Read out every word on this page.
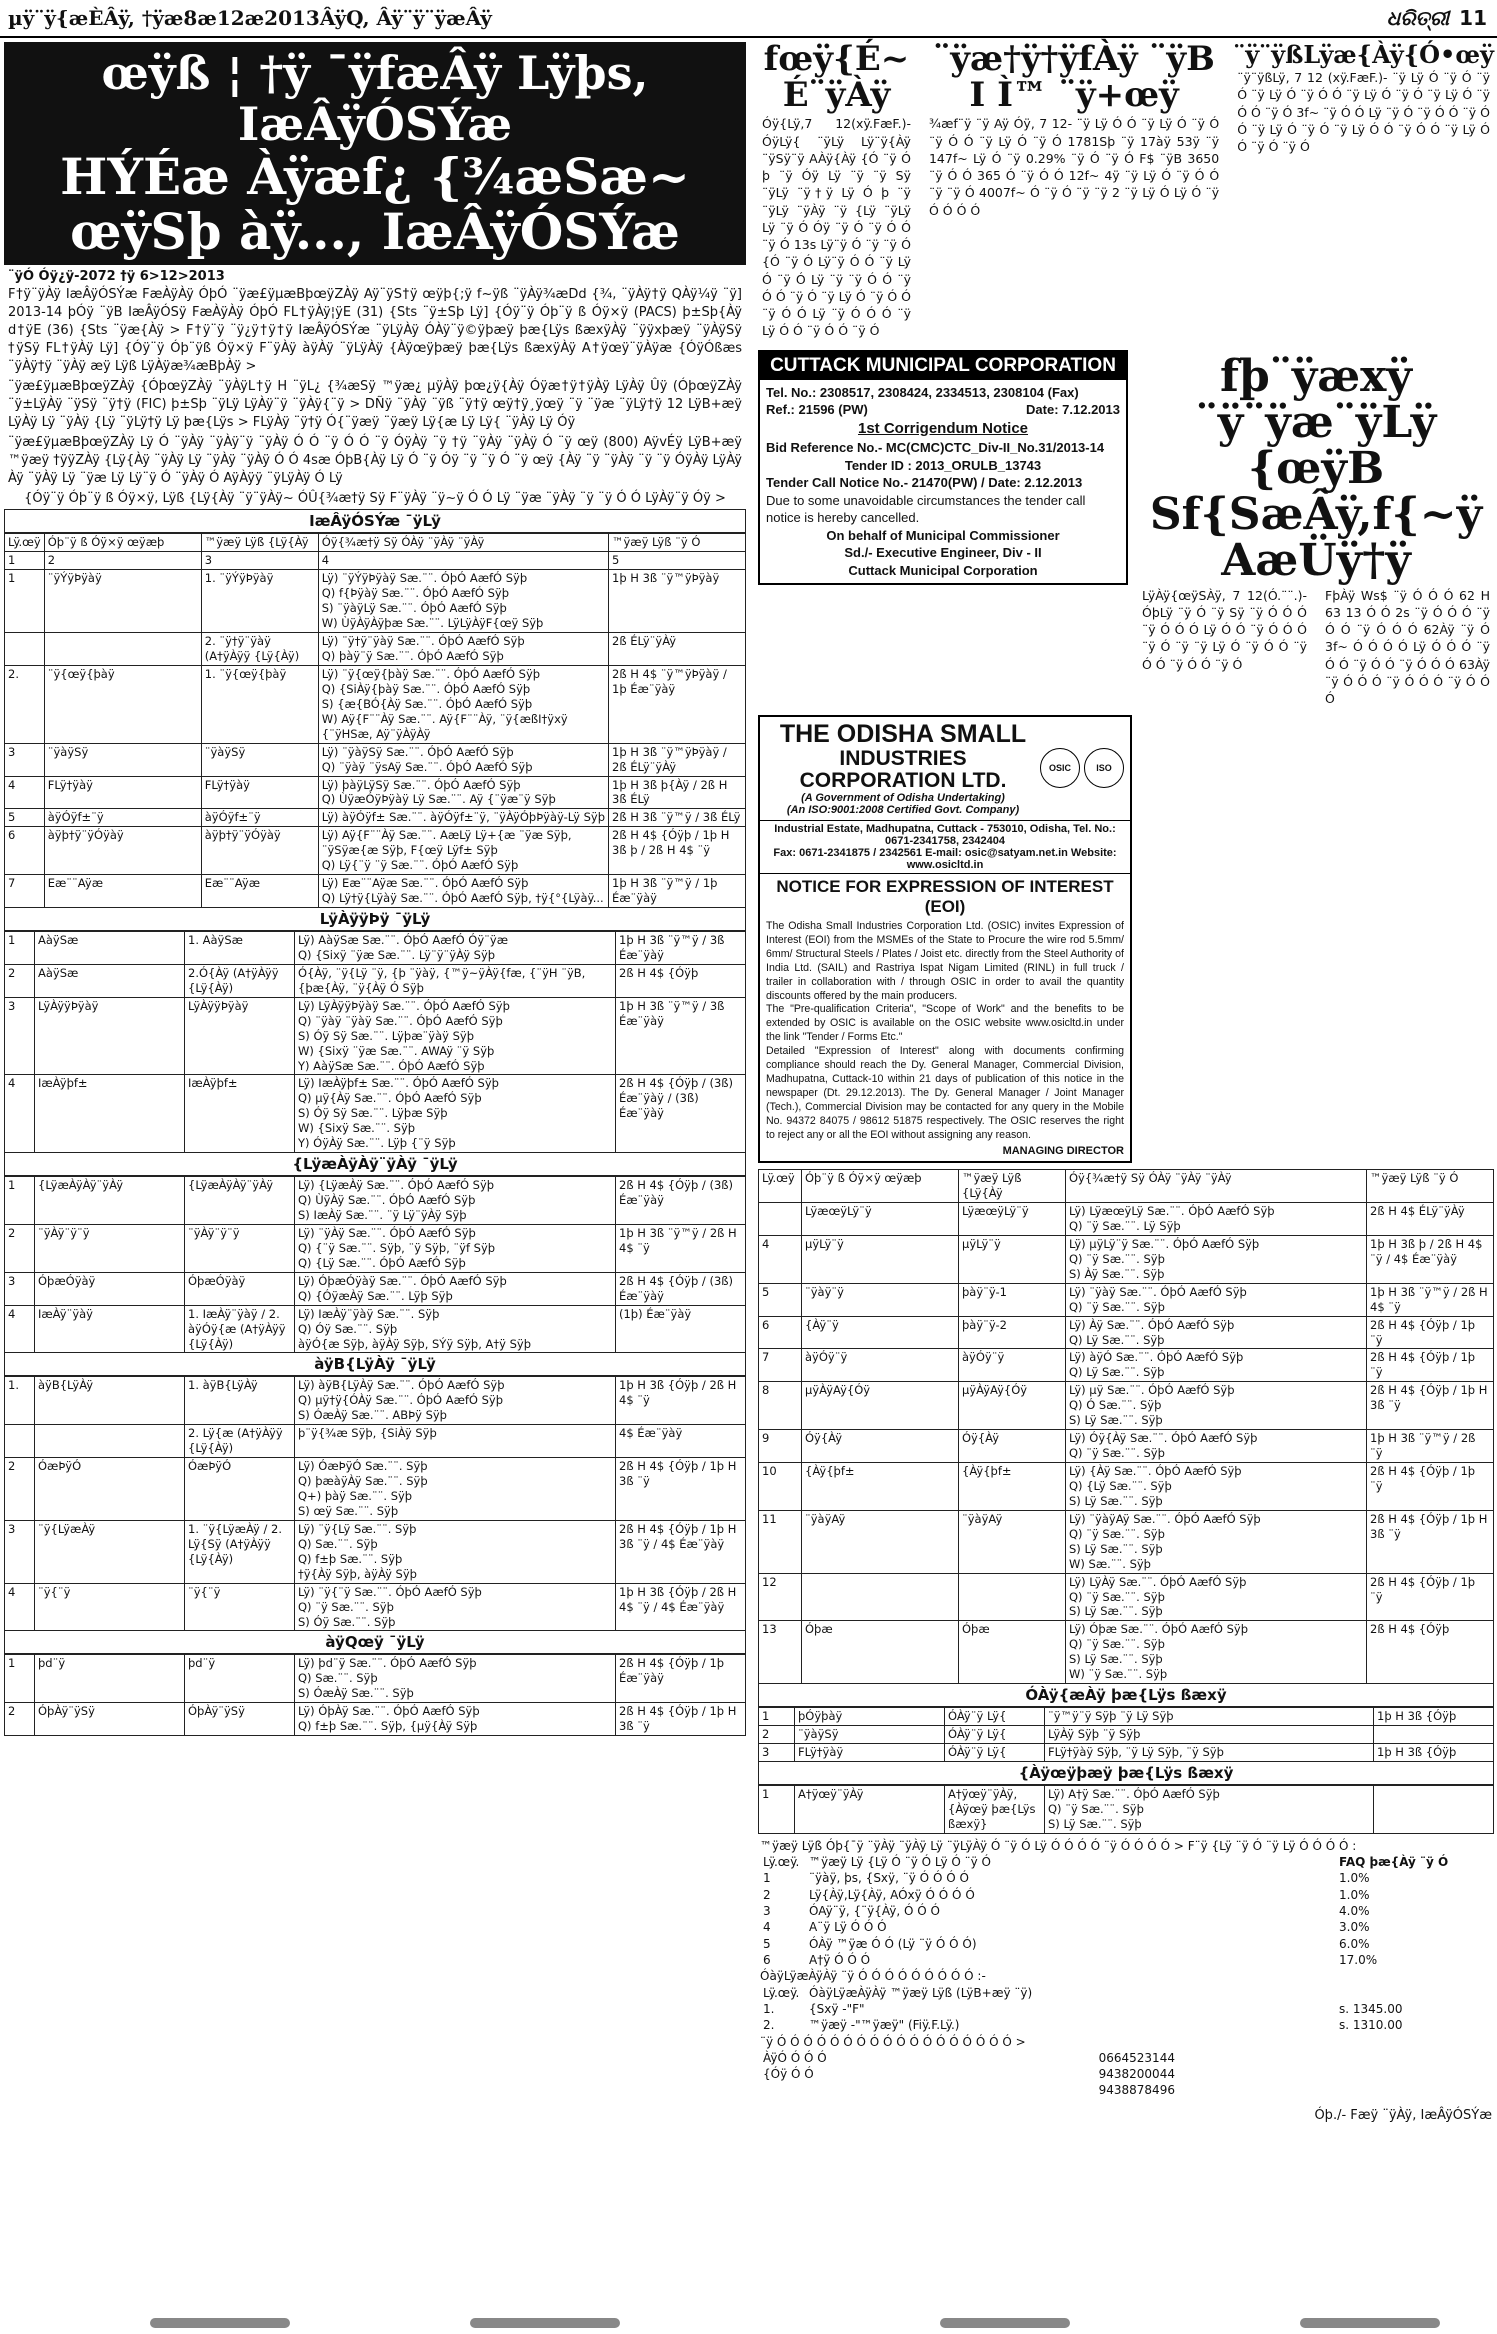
µÿ¨ÿ{æÈÂÿ, †ÿæ8æ12æ2013ÂÿQ, Âÿ¨ÿ¨ÿæÂÿ	ଧରିତ୍ରୀ 11
œÿß ¦ †ÿ ¯ÿfæÂÿ Lÿþs, IæÂÿÓSÝæ
HÝÉæ Àÿæf¿ {¾æSæ~ œÿSþ àÿ..., IæÂÿÓSÝæ
¨ÿÓ Óÿ¿ÿ-2072 †ÿ 6>12>2013
F†ÿ¨ÿÀÿ IæÂÿÓSÝæ FæÀÿÀÿ ÓþÓ ¨ÿæ£ÿµæBþœÿZÀÿ Aÿ¨ÿS†ÿ œÿþ{;ÿ f~ÿß ¨ÿÀÿ¾æDd {¾, ¨ÿÀÿ†ÿ QÀÿ¼ÿ ¨ÿ] 2013-14 þÓÿ ¨ÿB IæÂÿÓSÿ FæÀÿÀÿ ÓþÓ FL†ÿÀÿ¦ÿE (31) {Sts ¨ÿ±Sþ Lÿ] {Óÿ¨ÿ Óþ¨ÿ ß Óÿ×ÿ (PACS) þ±Sþ{Àÿ d†ÿE (36) {Sts ¨ÿæ{Àÿ > F†ÿ¨ÿ ¨ÿ¿ÿ†ÿ†ÿ IæÂÿÓSÝæ ¨ÿLÿÀÿ ÓÀÿ¨ÿ©ÿþæÿ þæ{Lÿs ßæxÿÀÿ ¨ÿÿxþæÿ ¨ÿÀÿSÿ †ÿSÿ FL†ÿÀÿ Lÿ] {Óÿ¨ÿ Óþ¨ÿß Óÿ×ÿ F¨ÿÀÿ àÿÀÿ ¨ÿLÿÀÿ {Àÿœÿþæÿ þæ{Lÿs ßæxÿÀÿ A†ÿœÿ¨ÿÀÿæ {ÓÿÓßæs ¨ÿÀÿ†ÿ ¨ÿÀÿ æÿ Lÿß LÿÀÿæ¾æBþÀÿ >
¨ÿæ£ÿµæBþœÿZÀÿ {ÓþœÿZÀÿ ¨ÿÀÿL†ÿ H ¨ÿL¿ {¾æSÿ ™ÿæ¿ µÿÀÿ þœ¿ÿ{Àÿ Óÿæ†ÿ†ÿÀÿ LÿÀÿ Ûÿ (ÓþœÿZÀÿ ¨ÿ±LÿÀÿ ¨ÿSÿ ¨ÿ†ÿ (FIC) þ±Sþ ¨ÿLÿ LÿÀÿ¨ÿ ¨ÿÀÿ{¨ÿ > DÑÿ ¨ÿÀÿ ¨ÿß ¨ÿ†ÿ œÿ†ÿ¸ÿœÿ ¨ÿ ¨ÿæ ¨ÿLÿ†ÿ 12 LÿB+æÿ LÿÀÿ Lÿ ¨ÿÀÿ {Lÿ ¨ÿLÿ†ÿ Lÿ þæ{Lÿs > FLÿÀÿ ¨ÿ†ÿ Ó{¨ÿæÿ ¨ÿæÿ Lÿ{æ Lÿ Lÿ{ ¨ÿÀÿ Lÿ Óÿ
¨ÿæ£ÿµæBþœÿZÀÿ Lÿ Ó ¨ÿÀÿ ¨ÿÀÿ¨ÿ ¨ÿÀÿ Ó Ó ¨ÿ Ó Ó ¨ÿ ÓÿÀÿ ¨ÿ †ÿ ¨ÿÀÿ ¨ÿÀÿ Ó ¨ÿ œÿ (800) AÿvÉÿ LÿB+æÿ ™ÿæÿ †ÿÿZÀÿ {Lÿ{Àÿ ¨ÿÀÿ Lÿ ¨ÿÀÿ ¨ÿÀÿ Ó Ó 4sæ ÓþB{Àÿ Lÿ Ó ¨ÿ Óÿ ¨ÿ ¨ÿ Ó ¨ÿ œÿ {Àÿ ¨ÿ ¨ÿÀÿ ¨ÿ ¨ÿ ÓÿÀÿ LÿÀÿ Àÿ ¨ÿÀÿ Lÿ ¨ÿæ Lÿ Lÿ¨ÿ Ó ¨ÿÀÿ Ó AÿÀÿÿ ¨ÿLÿÀÿ Ó Lÿ
{Óÿ¨ÿ Óþ¨ÿ ß Óÿ×ÿ, Lÿß {Lÿ{Àÿ ¨ÿ¨ÿÀÿ~ ÓÛ{¾æ†ÿ Sÿ F¨ÿÀÿ ¨ÿ~ÿ Ó Ó Lÿ ¨ÿæ ¨ÿÀÿ ¨ÿ ¨ÿ Ó Ó LÿÀÿ¨ÿ Óÿ >
IæÂÿÓSÝæ ¯ÿLÿ
Lÿ.œÿ	Óþ¨ÿ ß Óÿ×ÿ œÿæþ	™ÿæÿ Lÿß {Lÿ{Àÿ	Óÿ{¾æ†ÿ Sÿ ÓÀÿ ¨ÿÀÿ ¨ÿÀÿ	™ÿæÿ Lÿß ¨ÿ Ó
1	2	3	4	5
1	¨ÿÝÿÞÿàÿ	1. ¨ÿÝÿÞÿàÿ	Lÿ) ¨ÿÝÿÞÿàÿ Sæ.¨¨. ÓþÓ AæfÓ Sÿþ
Q) f{Þÿàÿ Sæ.¨¨. ÓþÓ AæfÓ Sÿþ
S) ¨ÿàÿLÿ Sæ.¨¨. ÓþÓ AæfÓ Sÿþ
W) ÙÿÀÿÀÿþæ Sæ.¨¨. LÿLÿÀÿF{œÿ Sÿþ	1þ H 3ß ¨ÿ™ÿÞÿàÿ
		2. ¨ÿ†ÿ¨ÿàÿ (A†ÿÀÿÿ {Lÿ{Àÿ)	Lÿ) ¨ÿ†ÿ¨ÿàÿ Sæ.¨¨. ÓþÓ AæfÓ Sÿþ
Q) þàÿ¨ÿ Sæ.¨¨. ÓþÓ AæfÓ Sÿþ	2ß ÉLÿ¨ÿÀÿ
2.	¨ÿ{œÿ{þàÿ	1. ¨ÿ{œÿ{þàÿ	Lÿ) ¨ÿ{œÿ{þàÿ Sæ.¨¨. ÓþÓ AæfÓ Sÿþ
Q) {SiÀÿ{þàÿ Sæ.¨¨. ÓþÓ AæfÓ Sÿþ
S) {æ{BÓ{Àÿ Sæ.¨¨. ÓþÓ AæfÓ Sÿþ
W) Aÿ{F¨¨Àÿ Sæ.¨¨. Aÿ{F¨¨Àÿ, ¨ÿ{æßI†ÿxÿ {¨ÿHSæ, Aÿ¨ÿÀÿÀÿ	2ß H 4$ ¨ÿ™ÿÞÿàÿ / 1þ Éæ¨ÿàÿ
3	¨ÿàÿSÿ	¨ÿàÿSÿ	Lÿ) ¨ÿàÿSÿ Sæ.¨¨. ÓþÓ AæfÓ Sÿþ
Q) ¨ÿàÿ ¨ÿsAÿ Sæ.¨¨. ÓþÓ AæfÓ Sÿþ	1þ H 3ß ¨ÿ™ÿÞÿàÿ / 2ß ÉLÿ¨ÿÀÿ
4	FLÿ†ÿàÿ	FLÿ†ÿàÿ	Lÿ) þàÿLÿSÿ Sæ.¨¨. ÓþÓ AæfÓ Sÿþ
Q) ÙÿæÓÿÞÿàÿ Lÿ Sæ.¨¨. Aÿ {¨ÿæ¨ÿ Sÿþ	1þ H 3ß þ{Àÿ / 2ß H 3ß ÉLÿ
5	àÿÓÿf±¨ÿ	àÿÓÿf±¨ÿ	Lÿ) àÿÓÿf± Sæ.¨¨. àÿÓÿf±¨ÿ, ¨ÿÀÿÓþÞÿàÿ-Lÿ Sÿþ	2ß H 3ß ¨ÿ™ÿ / 3ß ÉLÿ
6	àÿþ†ÿ¨ÿÓÿàÿ	àÿþ†ÿ¨ÿÓÿàÿ	Lÿ) Aÿ{F¨¨Àÿ Sæ.¨¨. AæLÿ Lÿ+{æ ¨ÿæ Sÿþ, ¨ÿSÿæ{æ Sÿþ, F{œÿ Lÿf± Sÿþ
Q) Lÿ{¨ÿ ¨ÿ Sæ.¨¨. ÓþÓ AæfÓ Sÿþ	2ß H 4$ {Óÿþ / 1þ H 3ß þ / 2ß H 4$ ¨ÿ
7	Eæ¨¨Aÿæ	Eæ¨¨Aÿæ	Lÿ) Eæ¨¨Aÿæ Sæ.¨¨. ÓþÓ AæfÓ Sÿþ
Q) Lÿ†ÿ{Lÿàÿ Sæ.¨¨. ÓþÓ AæfÓ Sÿþ, †ÿ{°{Lÿàÿ...	1þ H 3ß ¨ÿ™ÿ / 1þ Éæ¨ÿàÿ
LÿÀÿÿÞÿ ¯ÿLÿ
1	AàÿSæ	1. AàÿSæ	Lÿ) AàÿSæ Sæ.¨¨. ÓþÓ AæfÓ Óÿ¨ÿæ
Q) {Sixÿ ¨ÿæ Sæ.¨¨. Lÿ¨ÿ¨ÿÀÿ Sÿþ	1þ H 3ß ¨ÿ™ÿ / 3ß Éæ¨ÿàÿ
2	AàÿSæ	2.Ó{Àÿ (A†ÿÀÿÿ {Lÿ{Àÿ)	Ó{Àÿ, ¨ÿ{Lÿ ¨ÿ, {þ ¨ÿàÿ, {™ÿ~ÿÀÿ{fæ, {¨ÿH ¨ÿB, {þæ{Àÿ, ¨ÿ{Àÿ Ó Sÿþ	2ß H 4$ {Óÿþ
3	LÿÀÿÿÞÿàÿ	LÿÀÿÿÞÿàÿ	Lÿ) LÿÀÿÿÞÿàÿ Sæ.¨¨. ÓþÓ AæfÓ Sÿþ
Q) ¨ÿàÿ ¨ÿàÿ Sæ.¨¨. ÓþÓ AæfÓ Sÿþ
S) Óÿ Sÿ Sæ.¨¨. Lÿþæ¨ÿàÿ Sÿþ
W) {Sixÿ ¨ÿæ Sæ.¨¨. AWAÿ ¨ÿ Sÿþ
Y) AàÿSæ Sæ.¨¨. ÓþÓ AæfÓ Sÿþ	1þ H 3ß ¨ÿ™ÿ / 3ß Éæ¨ÿàÿ
4	IæÀÿþf±	IæÀÿþf±	Lÿ) IæÀÿþf± Sæ.¨¨. ÓþÓ AæfÓ Sÿþ
Q) µÿ{Àÿ Sæ.¨¨. ÓþÓ AæfÓ Sÿþ
S) Óÿ Sÿ Sæ.¨¨. Lÿþæ Sÿþ
W) {Sixÿ Sæ.¨¨. Sÿþ
Y) ÓÿÀÿ Sæ.¨¨. Lÿþ {¨ÿ Sÿþ	2ß H 4$ {Óÿþ / (3ß) Éæ¨ÿàÿ / (3ß) Éæ¨ÿàÿ
{LÿæÀÿÀÿ¨ÿÀÿ ¯ÿLÿ
1	{LÿæÀÿÀÿ¨ÿÀÿ	{LÿæÀÿÀÿ¨ÿÀÿ	Lÿ) {LÿæÀÿ Sæ.¨¨. ÓþÓ AæfÓ Sÿþ
Q) ÙÿÀÿ Sæ.¨¨. ÓþÓ AæfÓ Sÿþ
S) IæÀÿ Sæ.¨¨. ¨ÿ Lÿ¨ÿÀÿ Sÿþ	2ß H 4$ {Óÿþ / (3ß) Éæ¨ÿàÿ
2	¨ÿÀÿ¨ÿ¨ÿ	¨ÿÀÿ¨ÿ¨ÿ	Lÿ) ¨ÿÀÿ Sæ.¨¨. ÓþÓ AæfÓ Sÿþ
Q) {¨ÿ Sæ.¨¨. Sÿþ, ¨ÿ Sÿþ, ¨ÿf Sÿþ
Q) {Lÿ Sæ.¨¨. ÓþÓ AæfÓ Sÿþ	1þ H 3ß ¨ÿ™ÿ / 2ß H 4$ ¨ÿ
3	ÓþæÓÿàÿ	ÓþæÓÿàÿ	Lÿ) ÓþæÓÿàÿ Sæ.¨¨. ÓþÓ AæfÓ Sÿþ
Q) {ÓÿæÀÿ Sæ.¨¨. Lÿþ Sÿþ	2ß H 4$ {Óÿþ / (3ß) Éæ¨ÿàÿ
4	IæÀÿ¨ÿàÿ	1. IæÀÿ¨ÿàÿ / 2. àÿÓÿ{æ (A†ÿÀÿÿ {Lÿ{Àÿ)	Lÿ) IæÀÿ¨ÿàÿ Sæ.¨¨. Sÿþ
Q) Óÿ Sæ.¨¨. Sÿþ
àÿÓ{æ Sÿþ, àÿÀÿ Sÿþ, SÝÿ Sÿþ, A†ÿ Sÿþ	(1þ) Éæ¨ÿàÿ
àÿB{LÿÀÿ ¯ÿLÿ
1.	àÿB{LÿÀÿ	1. àÿB{LÿÀÿ	Lÿ) àÿB{LÿÀÿ Sæ.¨¨. ÓþÓ AæfÓ Sÿþ
Q) µÿ†ÿ{ÓÀÿ Sæ.¨¨. ÓþÓ AæfÓ Sÿþ
S) ÓæÀÿ Sæ.¨¨. ABÞÿ Sÿþ	1þ H 3ß {Óÿþ / 2ß H 4$ ¨ÿ
		2. Lÿ{æ (A†ÿÀÿÿ {Lÿ{Àÿ)	þ¨ÿ{¾æ Sÿþ, {SiÀÿ Sÿþ	4$ Éæ¨ÿàÿ
2	ÓæÞÿÓ	ÓæÞÿÓ	Lÿ) ÓæÞÿÓ Sæ.¨¨. Sÿþ
Q) þæàÿÀÿ Sæ.¨¨. Sÿþ
Q+) þàÿ Sæ.¨¨. Sÿþ
S) œÿ Sæ.¨¨. Sÿþ	2ß H 4$ {Óÿþ / 1þ H 3ß ¨ÿ
3	¨ÿ{LÿæÀÿ	1. ¨ÿ{LÿæÀÿ / 2. Lÿ{Sÿ (A†ÿÀÿÿ {Lÿ{Àÿ)	Lÿ) ¨ÿ{Lÿ Sæ.¨¨. Sÿþ
Q) Sæ.¨¨. Sÿþ
Q) f±þ Sæ.¨¨. Sÿþ
†ÿ{Àÿ Sÿþ, àÿÀÿ Sÿþ	2ß H 4$ {Óÿþ / 1þ H 3ß ¨ÿ / 4$ Éæ¨ÿàÿ
4	¨ÿ{¨ÿ	¨ÿ{¨ÿ	Lÿ) ¨ÿ{¨ÿ Sæ.¨¨. ÓþÓ AæfÓ Sÿþ
Q) ¨ÿ Sæ.¨¨. Sÿþ
S) Óÿ Sæ.¨¨. Sÿþ	1þ H 3ß {Óÿþ / 2ß H 4$ ¨ÿ / 4$ Éæ¨ÿàÿ
àÿQœÿ ¯ÿLÿ
1	þd¨ÿ	þd¨ÿ	Lÿ) þd¨ÿ Sæ.¨¨. ÓþÓ AæfÓ Sÿþ
Q) Sæ.¨¨. Sÿþ
S) ÓæÀÿ Sæ.¨¨. Sÿþ	2ß H 4$ {Óÿþ / 1þ Éæ¨ÿàÿ
2	ÓþÀÿ¨ÿSÿ	ÓþÀÿ¨ÿSÿ	Lÿ) ÓþÀÿ Sæ.¨¨. ÓþÓ AæfÓ Sÿþ
Q) f±þ Sæ.¨¨. Sÿþ, {µÿ{Àÿ Sÿþ	2ß H 4$ {Óÿþ / 1þ H 3ß ¨ÿ
fœÿ{É~ É¨ÿÀÿ
Óÿ{Lÿ,7 12(xÿ.FæF.)-ÓÿLÿ{ ¨ÿLÿ Lÿ¨ÿ{Àÿ ¨ÿSÿ¨ÿ AÀÿ{Àÿ {Ó ¨ÿ Ó þ ¨ÿ Óÿ Lÿ ¨ÿ ¨ÿ Sÿ ¨ÿLÿ ¨ÿ†ÿ Lÿ Ó þ ¨ÿ ¨ÿLÿ ¨ÿÀÿ ¨ÿ {Lÿ ¨ÿLÿ Lÿ ¨ÿ Ó Óÿ ¨ÿ Ó ¨ÿ Ó Ó ¨ÿ Ó 13s Lÿ¨ÿ Ó ¨ÿ ¨ÿ Ó {Ó ¨ÿ Ó Lÿ¨ÿ Ó Ó ¨ÿ Lÿ Ó ¨ÿ Ó Lÿ ¨ÿ ¨ÿ Ó Ó ¨ÿ Ó Ó ¨ÿ Ó ¨ÿ Lÿ Ó ¨ÿ Ó Ó ¨ÿ Ó Ó Lÿ ¨ÿ Ó Ó Ó ¨ÿ Lÿ Ó Ó ¨ÿ Ó Ó ¨ÿ Ó
¨ÿæ†ÿ†ÿfÀÿ ¨ÿB I Ì™ ¨ÿ+œÿ
¾æf¨ÿ ¨ÿ Aÿ Óÿ, 7 12- ¨ÿ Lÿ Ó Ó ¨ÿ Lÿ Ó ¨ÿ Ó ¨ÿ Ó Ó ¨ÿ Lÿ Ó ¨ÿ Ó 1781Sþ ¨ÿ 17àÿ 53ÿ ¨ÿ 147f~ Lÿ Ó ¨ÿ 0.29% ¨ÿ Ó ¨ÿ Ó F$ ¨ÿB 3650 ¨ÿ Ó Ó 365 Ó ¨ÿ Ó Ó 12f~ 4ÿ ¨ÿ Lÿ Ó ¨ÿ Ó Ó ¨ÿ ¨ÿ Ó 4007f~ Ó ¨ÿ Ó ¨ÿ ¨ÿ 2 ¨ÿ Lÿ Ó Lÿ Ó ¨ÿ Ó Ó Ó Ó
¨ÿ¨ÿßLÿæ{Àÿ{Ó•œÿ
¨ÿ¨ÿßLÿ, 7 12 (xÿ.FæF.)- ¨ÿ Lÿ Ó ¨ÿ Ó ¨ÿ Ó ¨ÿ Lÿ Ó ¨ÿ Ó Ó ¨ÿ Lÿ Ó ¨ÿ Ó ¨ÿ Lÿ Ó ¨ÿ Ó Ó ¨ÿ Ó 3f~ ¨ÿ Ó Ó Lÿ ¨ÿ Ó ¨ÿ Ó Ó ¨ÿ Ó Ó ¨ÿ Lÿ Ó ¨ÿ Ó ¨ÿ Lÿ Ó Ó ¨ÿ Ó Ó ¨ÿ Lÿ Ó Ó ¨ÿ Ó ¨ÿ Ó
CUTTACK MUNICIPAL CORPORATION
Tel. No.: 2308517, 2308424, 2334513, 2308104 (Fax)
Ref.: 21596 (PW)	Date: 7.12.2013
1st Corrigendum Notice
Bid Reference No.- MC(CMC)CTC_Div-II_No.31/2013-14
Tender ID : 2013_ORULB_13743
Tender Call Notice No.- 21470(PW) / Date: 2.12.2013
Due to some unavoidable circumstances the tender call notice is hereby cancelled.
On behalf of Municipal Commissioner
Sd./- Executive Engineer, Div - II
Cuttack Municipal Corporation
fþ¨ÿæxÿ ¨ÿ¨ÿæ¨ÿLÿ {œÿB
Sf{SæÂÿ,f{~ÿ AæÜÿ†ÿ
LÿÀÿ{œÿSÀÿ, 7 12(Ó.¨¨.)- ÓþLÿ ¨ÿ Ó ¨ÿ Sÿ ¨ÿ Ó Ó Ó ¨ÿ Ó Ó Ó Lÿ Ó Ó ¨ÿ Ó Ó Ó ¨ÿ Ó ¨ÿ ¨ÿ Lÿ Ó ¨ÿ Ó Ó ¨ÿ Ó Ó ¨ÿ Ó Ó ¨ÿ Ó
FþÀÿ Ws$ ¨ÿ Ó Ó Ó 62 H 63 13 Ó Ó 2s ¨ÿ Ó Ó Ó ¨ÿ Ó Ó ¨ÿ Ó Ó Ó 62Àÿ ¨ÿ Ó 3f~ Ó Ó Ó Ó Lÿ Ó Ó Ó ¨ÿ Ó Ó ¨ÿ Ó Ó ¨ÿ Ó Ó Ó 63Àÿ ¨ÿ Ó Ó Ó ¨ÿ Ó Ó Ó ¨ÿ Ó Ó Ó
THE ODISHA SMALL
INDUSTRIES CORPORATION LTD.
(A Government of Odisha Undertaking)
(An ISO:9001:2008 Certified Govt. Company)
OSIC	ISO
Industrial Estate, Madhupatna, Cuttack - 753010, Odisha, Tel. No.: 0671-2341758, 2342404
Fax: 0671-2341875 / 2342561 E-mail: osic@satyam.net.in Website: www.osicltd.in
NOTICE FOR EXPRESSION OF INTEREST (EOI)
The Odisha Small Industries Corporation Ltd. (OSIC) invites Expression of Interest (EOI) from the MSMEs of the State to Procure the wire rod 5.5mm/ 6mm/ Structural Steels / Plates / Joist etc. directly from the Steel Authority of India Ltd. (SAIL) and Rastriya Ispat Nigam Limited (RINL) in full truck / trailer in collaboration with / through OSIC in order to avail the quantity discounts offered by the main producers.
The "Pre-qualification Criteria", "Scope of Work" and the benefits to be extended by OSIC is available on the OSIC website www.osicltd.in under the link "Tender / Forms Etc."
Detailed "Expression of Interest" along with documents confirming compliance should reach the Dy. General Manager, Commercial Division, Madhupatna, Cuttack-10 within 21 days of publication of this notice in the newspaper (Dt. 29.12.2013). The Dy. General Manager / Joint Manager (Tech.), Commercial Division may be contacted for any query in the Mobile No. 94372 84075 / 98612 51875 respectively. The OSIC reserves the right to reject any or all the EOI without assigning any reason.
MANAGING DIRECTOR
Lÿ.œÿ	Óþ¨ÿ ß Óÿ×ÿ œÿæþ	™ÿæÿ Lÿß {Lÿ{Àÿ	Óÿ{¾æ†ÿ Sÿ ÓÀÿ ¨ÿÀÿ ¨ÿÀÿ	™ÿæÿ Lÿß ¨ÿ Ó
	LÿæœÿLÿ¨ÿ	LÿæœÿLÿ¨ÿ	Lÿ) LÿæœÿLÿ Sæ.¨¨. ÓþÓ AæfÓ Sÿþ
Q) ¨ÿ Sæ.¨¨. Lÿ Sÿþ	2ß H 4$ ÉLÿ¨ÿÀÿ
4	µÿLÿ¨ÿ	µÿLÿ¨ÿ	Lÿ) µÿLÿ¨ÿ Sæ.¨¨. ÓþÓ AæfÓ Sÿþ
Q) ¨ÿ Sæ.¨¨. Sÿþ
S) Àÿ Sæ.¨¨. Sÿþ	1þ H 3ß þ / 2ß H 4$ ¨ÿ / 4$ Éæ¨ÿàÿ
5	¨ÿàÿ¨ÿ	þàÿ¨ÿ-1	Lÿ) ¨ÿàÿ Sæ.¨¨. ÓþÓ AæfÓ Sÿþ
Q) ¨ÿ Sæ.¨¨. Sÿþ	1þ H 3ß ¨ÿ™ÿ / 2ß H 4$ ¨ÿ
6	{Àÿ¨ÿ	þàÿ¨ÿ-2	Lÿ) Àÿ Sæ.¨¨. ÓþÓ AæfÓ Sÿþ
Q) Lÿ Sæ.¨¨. Sÿþ	2ß H 4$ {Óÿþ / 1þ ¨ÿ
7	àÿÓÿ¨ÿ	àÿÓÿ¨ÿ	Lÿ) àÿÓ Sæ.¨¨. ÓþÓ AæfÓ Sÿþ
Q) Lÿ Sæ.¨¨. Sÿþ	2ß H 4$ {Óÿþ / 1þ ¨ÿ
8	µÿÀÿAÿ{Óÿ	µÿÀÿAÿ{Óÿ	Lÿ) µÿ Sæ.¨¨. ÓþÓ AæfÓ Sÿþ
Q) Ó Sæ.¨¨. Sÿþ
S) Lÿ Sæ.¨¨. Sÿþ	2ß H 4$ {Óÿþ / 1þ H 3ß ¨ÿ
9	Óÿ{Àÿ	Óÿ{Àÿ	Lÿ) Óÿ{Àÿ Sæ.¨¨. ÓþÓ AæfÓ Sÿþ
Q) ¨ÿ Sæ.¨¨. Sÿþ	1þ H 3ß ¨ÿ™ÿ / 2ß ¨ÿ
10	{Àÿ{þf±	{Àÿ{þf±	Lÿ) {Àÿ Sæ.¨¨. ÓþÓ AæfÓ Sÿþ
Q) {Lÿ Sæ.¨¨. Sÿþ
S) Lÿ Sæ.¨¨. Sÿþ	2ß H 4$ {Óÿþ / 1þ ¨ÿ
11	¨ÿàÿAÿ	¨ÿàÿAÿ	Lÿ) ¨ÿàÿAÿ Sæ.¨¨. ÓþÓ AæfÓ Sÿþ
Q) ¨ÿ Sæ.¨¨. Sÿþ
S) Lÿ Sæ.¨¨. Sÿþ
W) Sæ.¨¨. Sÿþ	2ß H 4$ {Óÿþ / 1þ H 3ß ¨ÿ
12			Lÿ) LÿÀÿ Sæ.¨¨. ÓþÓ AæfÓ Sÿþ
Q) ¨ÿ Sæ.¨¨. Sÿþ
S) Lÿ Sæ.¨¨. Sÿþ	2ß H 4$ {Óÿþ / 1þ ¨ÿ
13	Óþæ	Óþæ	Lÿ) Óþæ Sæ.¨¨. ÓþÓ AæfÓ Sÿþ
Q) ¨ÿ Sæ.¨¨. Sÿþ
S) Lÿ Sæ.¨¨. Sÿþ
W) ¨ÿ Sæ.¨¨. Sÿþ	2ß H 4$ {Óÿþ
ÓÀÿ{æÀÿ þæ{Lÿs ßæxÿ
1	þÓÿþàÿ	ÓÀÿ¨ÿ Lÿ{	¨ÿ™ÿ¨ÿ Sÿþ ¨ÿ Lÿ Sÿþ	1þ H 3ß {Óÿþ
2	¨ÿàÿSÿ	ÓÀÿ¨ÿ Lÿ{	LÿÀÿ Sÿþ ¨ÿ Sÿþ	
3	FLÿ†ÿàÿ	ÓÀÿ¨ÿ Lÿ{	FLÿ†ÿàÿ Sÿþ, ¨ÿ Lÿ Sÿþ, ¨ÿ Sÿþ	1þ H 3ß {Óÿþ
{Àÿœÿþæÿ þæ{Lÿs ßæxÿ
1	A†ÿœÿ¨ÿÀÿ	A†ÿœÿ¨ÿÀÿ, {Àÿœÿ þæ{Lÿs ßæxÿ}	
Lÿ) A†ÿ Sæ.¨¨. ÓþÓ AæfÓ Sÿþ
Q) ¨ÿ Sæ.¨¨. Sÿþ
S) Lÿ Sæ.¨¨. Sÿþ

™ÿæÿ Lÿß Óþ{¯ÿ ¨ÿÀÿ ¨ÿÀÿ Lÿ ¨ÿLÿÀÿ Ó ¨ÿ Ó Lÿ Ó Ó Ó Ó ¨ÿ Ó Ó Ó Ó > F¨ÿ {Lÿ ¨ÿ Ó ¨ÿ Lÿ Ó Ó Ó Ó :
Lÿ.œÿ.	™ÿæÿ Lÿ {Lÿ Ó ¨ÿ Ó Lÿ Ó ¨ÿ Ó	FAQ þæ{Àÿ ¨ÿ Ó
1	¨ÿàÿ, þs, {Sxÿ, ¨ÿ Ó Ó Ó Ó	1.0%
2	Lÿ{Àÿ,Lÿ{Àÿ, AÓxÿ Ó Ó Ó Ó	1.0%
3	ÓAÿ¨ÿ, {¨ÿ{Àÿ, Ó Ó Ó	4.0%
4	A¨ÿ Lÿ Ó Ó Ó	3.0%
5	ÓÀÿ ™ÿæ Ó Ó (Lÿ ¨ÿ Ó Ó Ó)	6.0%
6	A†ÿ Ó Ó Ó	17.0%
ÓàÿLÿæÀÿÀÿ ¨ÿ Ó Ó Ó Ó Ó Ó Ó Ó Ó :-
Lÿ.œÿ.	ÓàÿLÿæÀÿÀÿ ™ÿæÿ Lÿß (LÿB+æÿ ¨ÿ)	
1.	{Sxÿ -"F"	s. 1345.00
2.	™ÿæÿ -"™ÿæÿ" (Fiÿ.F.Lÿ.)	s. 1310.00
¨ÿ Ó Ó Ó Ó Ó Ó Ó Ó Ó Ó Ó Ó Ó Ó Ó Ó Ó Ó >
ÀÿÓ Ó Ó Ó	0664523144
{Óÿ Ó Ó	9438200044
	9438878496
Óþ./- Fæÿ ¨ÿÀÿ, IæÂÿÓSÝæ
